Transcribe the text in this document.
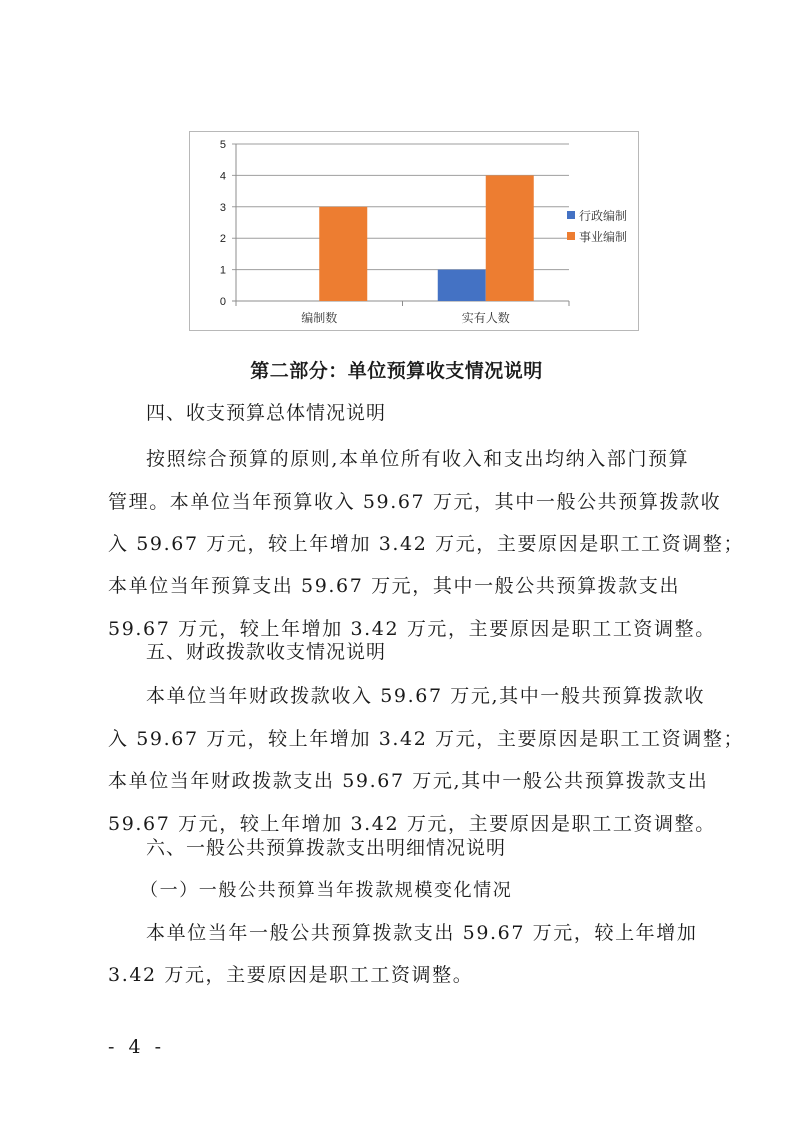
0
1
2
3
4
5
编制数	实有人数
行政编制
事业编制
第二部分：单位预算收支情况说明
四、收支预算总体情况说明
按照综合预算的原则,本单位所有收入和支出均纳入部门预算
管理。本单位当年预算收入 59.67 万元，其中一般公共预算拨款收
入 59.67 万元，较上年增加 3.42 万元，主要原因是职工工资调整；
本单位当年预算支出 59.67 万元，其中一般公共预算拨款支出
59.67 万元，较上年增加 3.42 万元，主要原因是职工工资调整。
五、财政拨款收支情况说明
本单位当年财政拨款收入 59.67 万元,其中一般共预算拨款收
入 59.67 万元，较上年增加 3.42 万元，主要原因是职工工资调整；
本单位当年财政拨款支出 59.67 万元,其中一般公共预算拨款支出
59.67 万元，较上年增加 3.42 万元，主要原因是职工工资调整。
六、一般公共预算拨款支出明细情况说明
（一）一般公共预算当年拨款规模变化情况
本单位当年一般公共预算拨款支出 59.67 万元，较上年增加
3.42 万元，主要原因是职工工资调整。
- 4 -
